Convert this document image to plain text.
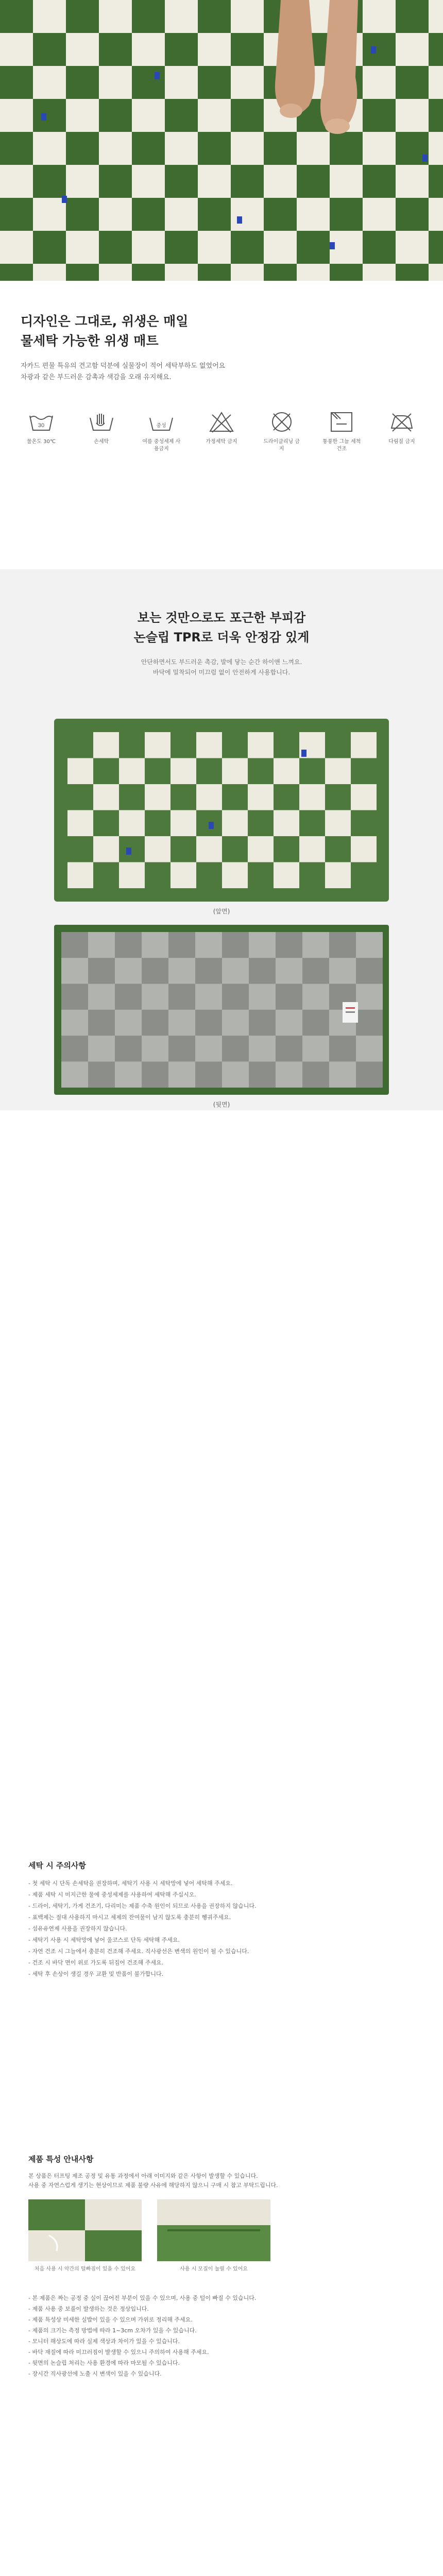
디자인은 그대로, 위생은 매일
물세탁 가능한 위생 매트
자카드 편물 특유의 견고함 덕분에 실물장이 적어 세탁부하도 없었어요
차광과 같은 부드러운 감촉과 색감을 오래 유지해요.
30
물온도 30℃	손세탁
중성
여름 중성세제 사용금지
가정세탁 금지	드라이클리닝 금지
통풍한 그늘 세척 건조
다림질 금지
보는 것만으로도 포근한 부피감
논슬립 TPR로 더욱 안정감 있게
안단하면서도 부드러운 촉감, 발에 닿는 순간 하이앤 느껴요.
바닥에 밀착되어 미끄럼 없이 안전하게 사용합니다.
(앞면)
(뒷면)
세탁 시 주의사항
- 첫 세탁 시 단독 손세탁을 권장하며, 세탁기 사용 시 세탁망에 넣어 세탁해 주세요.
- 제품 세탁 시 미지근한 물에 중성세제를 사용하여 세탁해 주십시오.
- 드라이, 세탁기, 가게 건조기, 다리미는 제품 수축 원인이 되므로 사용을 권장하지 않습니다.
- 표백제는 절대 사용하지 마시고 세제의 잔여물이 남지 않도록 충분히 헹궈주세요.
- 섬유유연제 사용을 권장하지 않습니다.
- 세탁기 사용 시 세탁망에 넣어 울코스로 단독 세탁해 주세요.
- 자연 건조 시 그늘에서 충분히 건조해 주세요. 직사광선은 변색의 원인이 될 수 있습니다.
- 건조 시 바닥 면이 위로 가도록 뒤집어 건조해 주세요.
- 세탁 후 손상이 생길 경우 교환 및 반품이 불가합니다.
제품 특성 안내사항
본 상품은 터프팅 제조 공정 및 유통 과정에서 아래 이미지와 같은 사항이 발생할 수 있습니다.
사용 중 자연스럽게 생기는 현상이므로 제품 불량 사유에 해당하지 않으니 구매 시 참고 부탁드립니다.
처음 사용 시 약간의 털빠짐이 있을 수 있어요	사용 시 모질이 눌릴 수 있어요
- 본 제품은 짜는 공정 중 실이 끊어진 부분이 있을 수 있으며, 사용 중 털이 빠질 수 있습니다.
- 제품 사용 중 보풀이 발생하는 것은 정상입니다.
- 제품 특성상 미세한 실밥이 있을 수 있으며 가위로 정리해 주세요.
- 제품의 크기는 측정 방법에 따라 1~3cm 오차가 있을 수 있습니다.
- 모니터 해상도에 따라 실제 색상과 차이가 있을 수 있습니다.
- 바닥 재질에 따라 미끄러짐이 발생할 수 있으니 주의하여 사용해 주세요.
- 뒷면의 논슬립 처리는 사용 환경에 따라 마모될 수 있습니다.
- 장시간 직사광선에 노출 시 변색이 있을 수 있습니다.
